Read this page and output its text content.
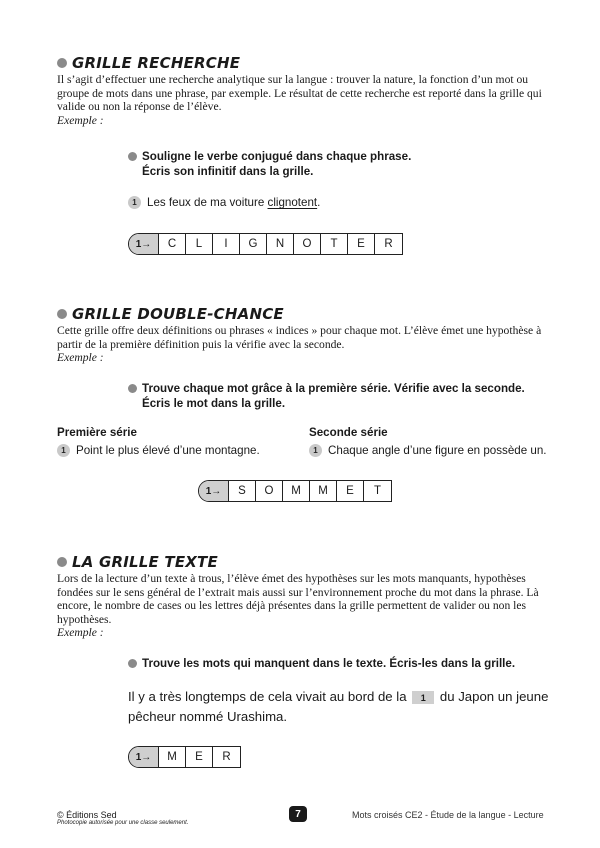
GRILLE RECHERCHE
Il s’agit d’effectuer une recherche analytique sur la langue : trouver la nature, la fonction d’un mot ou groupe de mots dans une phrase, par exemple. Le résultat de cette recherche est reporté dans la grille qui valide ou non la réponse de l’élève.
Exemple :
Souligne le verbe conjugué dans chaque phrase.
Écris son infinitif dans la grille.
1 Les feux de ma voiture clignotent.
1→	C	L	I	G	N	O	T	E	R
GRILLE DOUBLE-CHANCE
Cette grille offre deux définitions ou phrases « indices » pour chaque mot. L’élève émet une hypothèse à partir de la première définition puis la vérifie avec la seconde.
Exemple :
Trouve chaque mot grâce à la première série. Vérifie avec la seconde.
Écris le mot dans la grille.
Première série
1 Point le plus élevé d’une montagne.
Seconde série
1 Chaque angle d’une figure en possède un.
1→	S	O	M	M	E	T
LA GRILLE TEXTE
Lors de la lecture d’un texte à trous, l’élève émet des hypothèses sur les mots manquants, hypothèses fondées sur le sens général de l’extrait mais aussi sur l’environnement proche du mot dans la phrase. Là encore, le nombre de cases ou les lettres déjà présentes dans la grille permettent de valider ou non les hypothèses.
Exemple :
Trouve les mots qui manquent dans le texte. Écris-les dans la grille.
Il y a très longtemps de cela vivait au bord de la 1 du Japon un jeune pêcheur nommé Urashima.
1→	M	E	R
© Éditions Sed
Photocopie autorisée pour une classe seulement.
7	Mots croisés CE2 - Étude de la langue - Lecture
